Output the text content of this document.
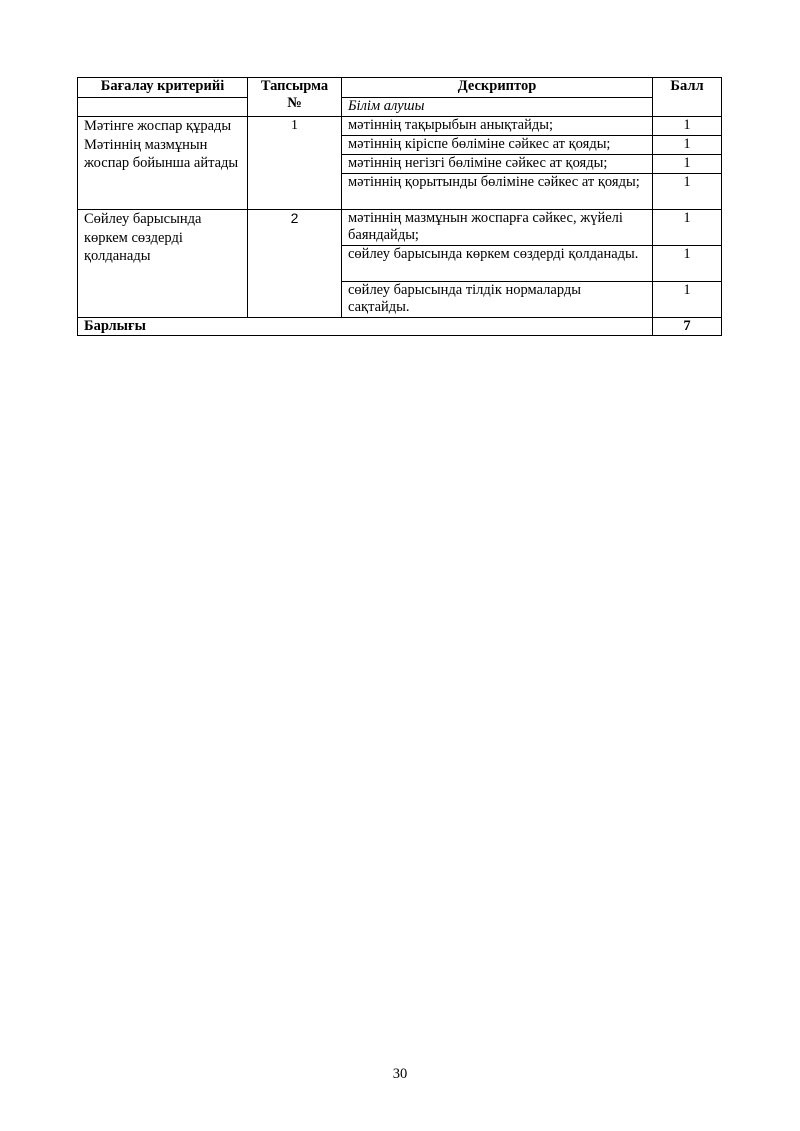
Бағалау критерийі	Тапсырма №	Дескриптор	Балл
		Білім алушы	

Мәтінге жоспар құрады
Мәтіннің мазмұнын жоспар бойынша айтады	1	мәтіннің тақырыбын анықтайды;	1
		мәтіннің кіріспе бөліміне сәйкес ат қояды;	1
		мәтіннің негізгі бөліміне сәйкес ат қояды;	1
		мәтіннің қорытынды бөліміне сәйкес ат қояды;	1

Сөйлеу барысында көркем сөздерді қолданады	2	мәтіннің мазмұнын жоспарға сәйкес, жүйелі баяндайды;	1
		сөйлеу барысында көркем сөздерді қолданады.	1
		сөйлеу барысында тілдік нормаларды сақтайды.	1
Барлығы			7
30
